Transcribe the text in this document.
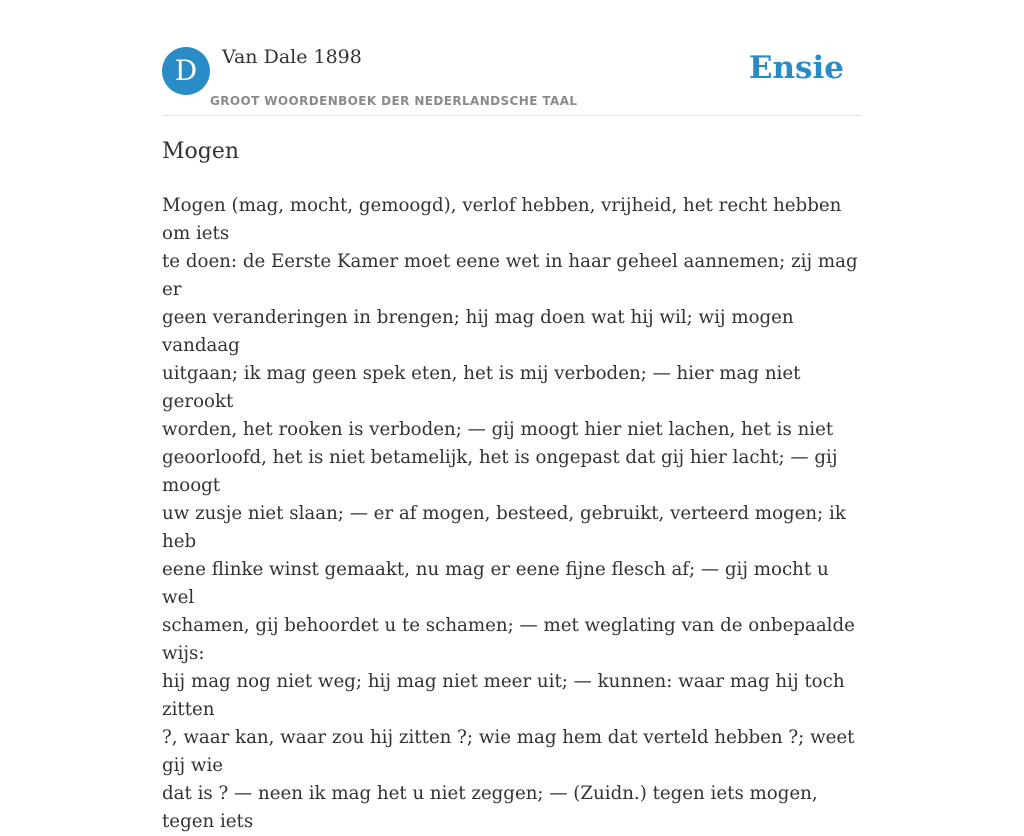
D	Van Dale 1898
GROOT WOORDENBOEK DER NEDERLANDSCHE TAAL
Ensie
Mogen

Mogen (mag, mocht, gemoogd), verlof hebben, vrijheid, het recht hebben om iets
te doen: de Eerste Kamer moet eene wet in haar geheel aannemen; zij mag er
geen veranderingen in brengen; hij mag doen wat hij wil; wij mogen vandaag
uitgaan; ik mag geen spek eten, het is mij verboden; — hier mag niet gerookt
worden, het rooken is verboden; — gij moogt hier niet lachen, het is niet
geoorloofd, het is niet betamelijk, het is ongepast dat gij hier lacht; — gij moogt
uw zusje niet slaan; — er af mogen, besteed, gebruikt, verteerd mogen; ik heb
eene flinke winst gemaakt, nu mag er eene fijne flesch af; — gij mocht u wel
schamen, gij behoordet u te schamen; — met weglating van de onbepaalde wijs:
hij mag nog niet weg; hij mag niet meer uit; — kunnen: waar mag hij toch zitten
?, waar kan, waar zou hij zitten ?; wie mag hem dat verteld hebben ?; weet gij wie
dat is ? — neen ik mag het u niet zeggen; — (Zuidn.) tegen iets mogen, tegen iets
